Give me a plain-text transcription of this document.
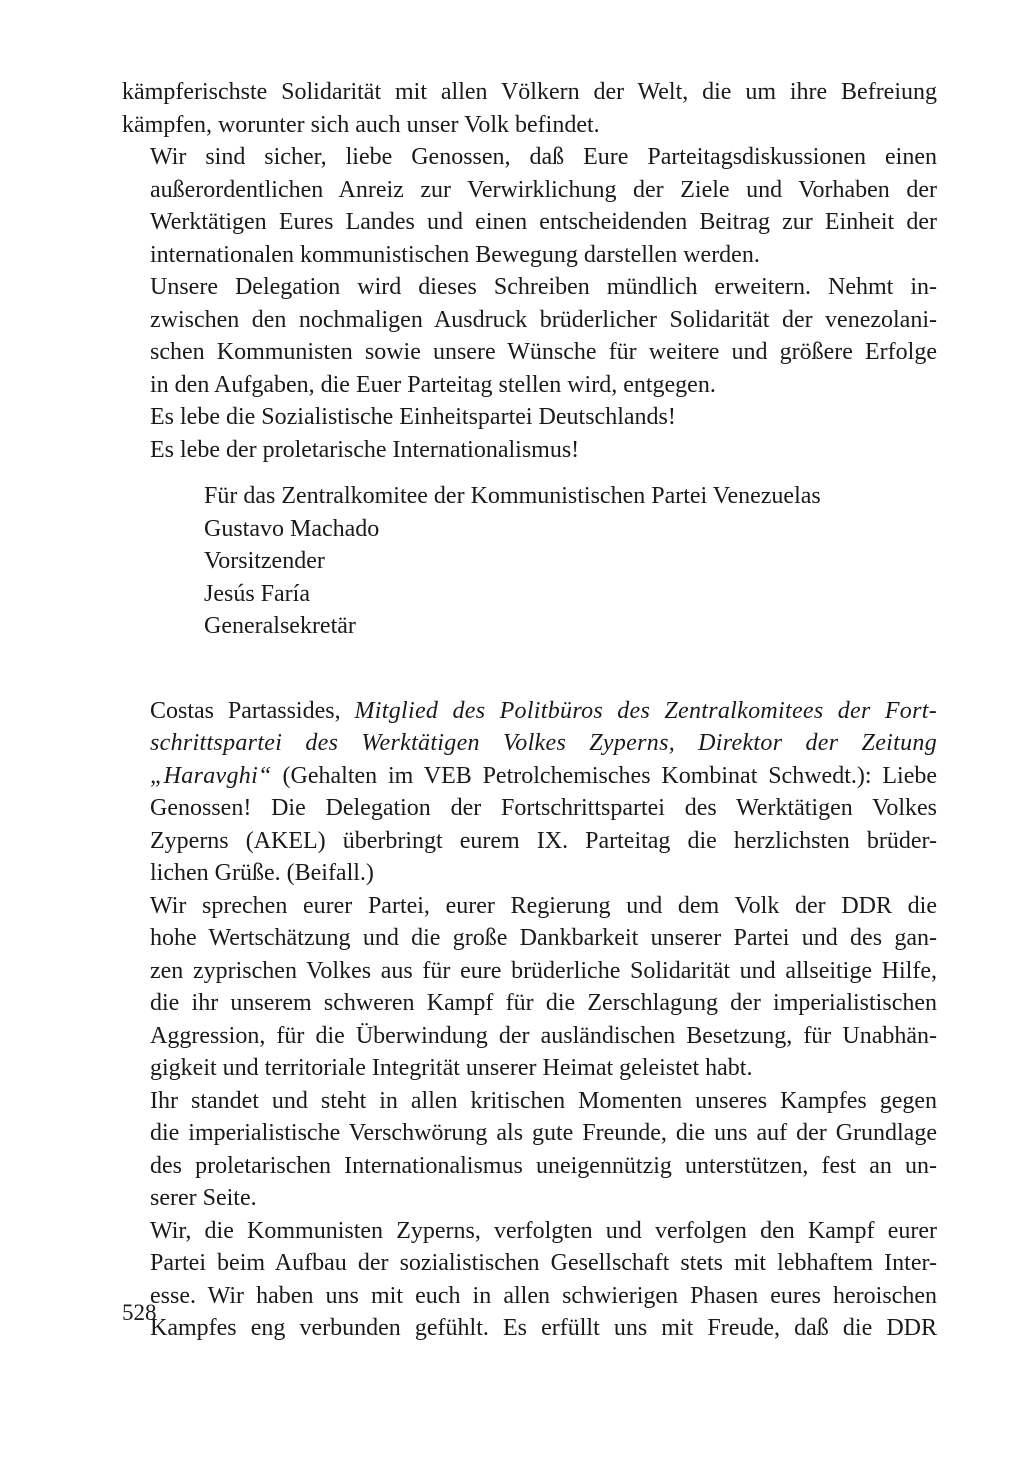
kämpferischste Solidarität mit allen Völkern der Welt, die um ihre Befreiung
kämpfen, worunter sich auch unser Volk befindet.

Wir sind sicher, liebe Genossen, daß Eure Parteitagsdiskussionen einen
außerordentlichen Anreiz zur Verwirklichung der Ziele und Vorhaben der
Werktätigen Eures Landes und einen entscheidenden Beitrag zur Einheit der
internationalen kommunistischen Bewegung darstellen werden.

Unsere Delegation wird dieses Schreiben mündlich erweitern. Nehmt in-
zwischen den nochmaligen Ausdruck brüderlicher Solidarität der venezolani-
schen Kommunisten sowie unsere Wünsche für weitere und größere Erfolge
in den Aufgaben, die Euer Parteitag stellen wird, entgegen.

Es lebe die Sozialistische Einheitspartei Deutschlands!

Es lebe der proletarische Internationalismus!

Für das Zentralkomitee der Kommunistischen Partei Venezuelas
Gustavo Machado
Vorsitzender
Jesús Faría
Generalsekretär

Costas Partassides, Mitglied des Politbüros des Zentralkomitees der Fort-
schrittspartei des Werktätigen Volkes Zyperns, Direktor der Zeitung
„Haravghi“ (Gehalten im VEB Petrolchemisches Kombinat Schwedt.): Liebe
Genossen! Die Delegation der Fortschrittspartei des Werktätigen Volkes
Zyperns (AKEL) überbringt eurem IX. Parteitag die herzlichsten brüder-
lichen Grüße. (Beifall.)

Wir sprechen eurer Partei, eurer Regierung und dem Volk der DDR die
hohe Wertschätzung und die große Dankbarkeit unserer Partei und des gan-
zen zyprischen Volkes aus für eure brüderliche Solidarität und allseitige Hilfe,
die ihr unserem schweren Kampf für die Zerschlagung der imperialistischen
Aggression, für die Überwindung der ausländischen Besetzung, für Unabhän-
gigkeit und territoriale Integrität unserer Heimat geleistet habt.

Ihr standet und steht in allen kritischen Momenten unseres Kampfes gegen
die imperialistische Verschwörung als gute Freunde, die uns auf der Grundlage
des proletarischen Internationalismus uneigennützig unterstützen, fest an un-
serer Seite.

Wir, die Kommunisten Zyperns, verfolgten und verfolgen den Kampf eurer
Partei beim Aufbau der sozialistischen Gesellschaft stets mit lebhaftem Inter-
esse. Wir haben uns mit euch in allen schwierigen Phasen eures heroischen
Kampfes eng verbunden gefühlt. Es erfüllt uns mit Freude, daß die DDR

528
